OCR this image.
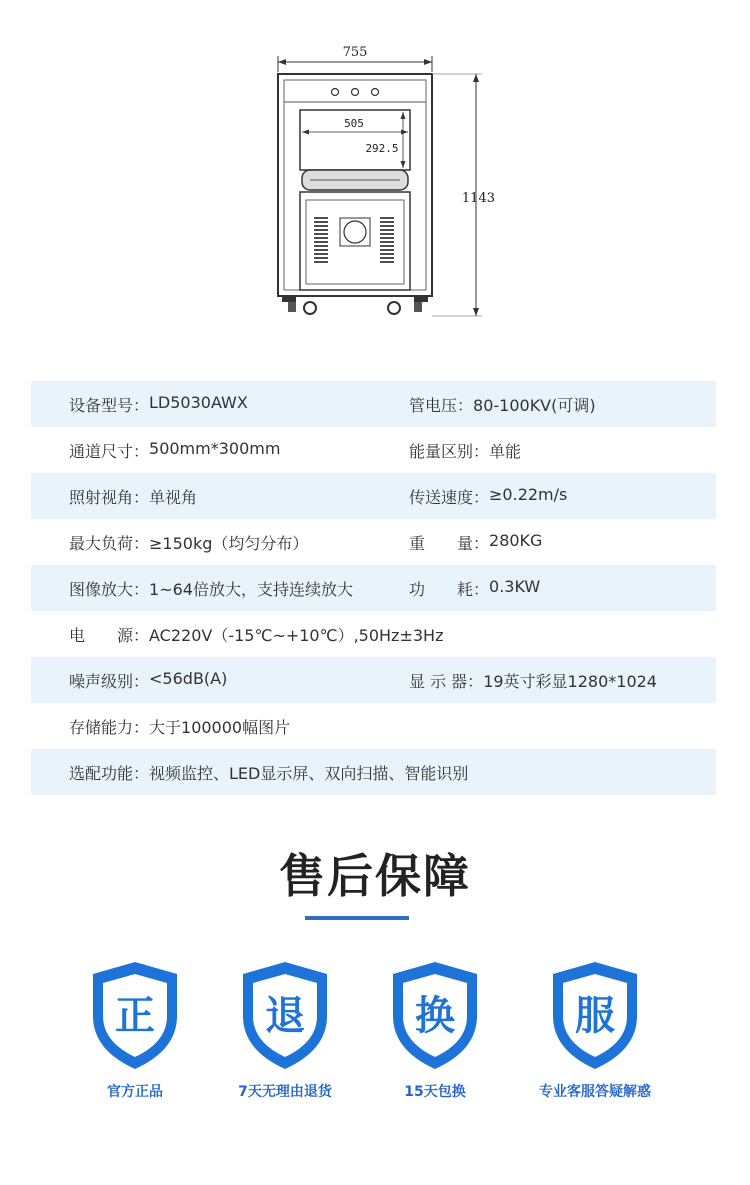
755
505
292.5
1143
设备型号： LD5030AWX	管电压： 80-100KV(可调)
通道尺寸： 500mm*300mm	能量区别： 单能
照射视角： 单视角	传送速度： ≥0.22m/s
最大负荷： ≥150kg（均匀分布）	重　　量： 280KG
图像放大： 1~64倍放大，支持连续放大	功　　耗： 0.3KW
电　　源： AC220V（-15℃~+10℃）,50Hz±3Hz
噪声级别： <56dB(A)	显 示 器： 19英寸彩显1280*1024
存储能力： 大于100000幅图片
选配功能： 视频监控、LED显示屏、双向扫描、智能识别
售后保障
正
官方正品
退
7天无理由退货
换
15天包换
服
专业客服答疑解惑
